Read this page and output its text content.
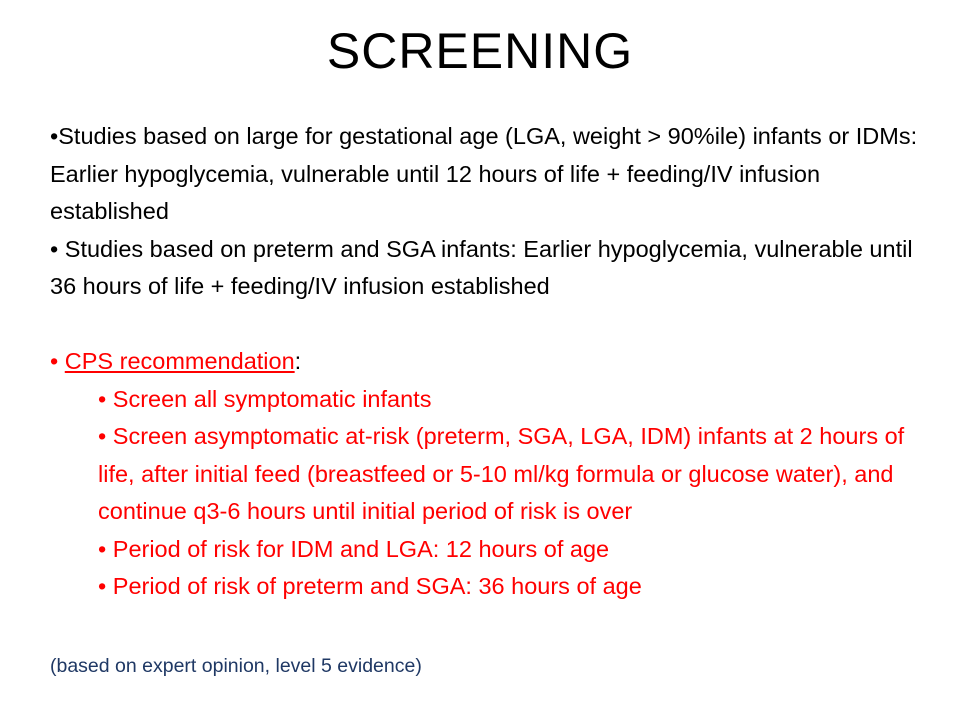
SCREENING

•Studies based on large for gestational age (LGA, weight > 90%ile) infants or IDMs: Earlier hypoglycemia, vulnerable until 12 hours of life + feeding/IV infusion established

• Studies based on preterm and SGA infants: Earlier hypoglycemia, vulnerable until 36 hours of life + feeding/IV infusion established

• CPS recommendation:

• Screen all symptomatic infants

• Screen asymptomatic at-risk (preterm, SGA, LGA, IDM) infants at 2 hours of life, after initial feed (breastfeed or 5-10 ml/kg formula or glucose water), and continue q3-6 hours until initial period of risk is over

• Period of risk for IDM and LGA: 12 hours of age

• Period of risk of preterm and SGA: 36 hours of age

(based on expert opinion, level 5 evidence)
